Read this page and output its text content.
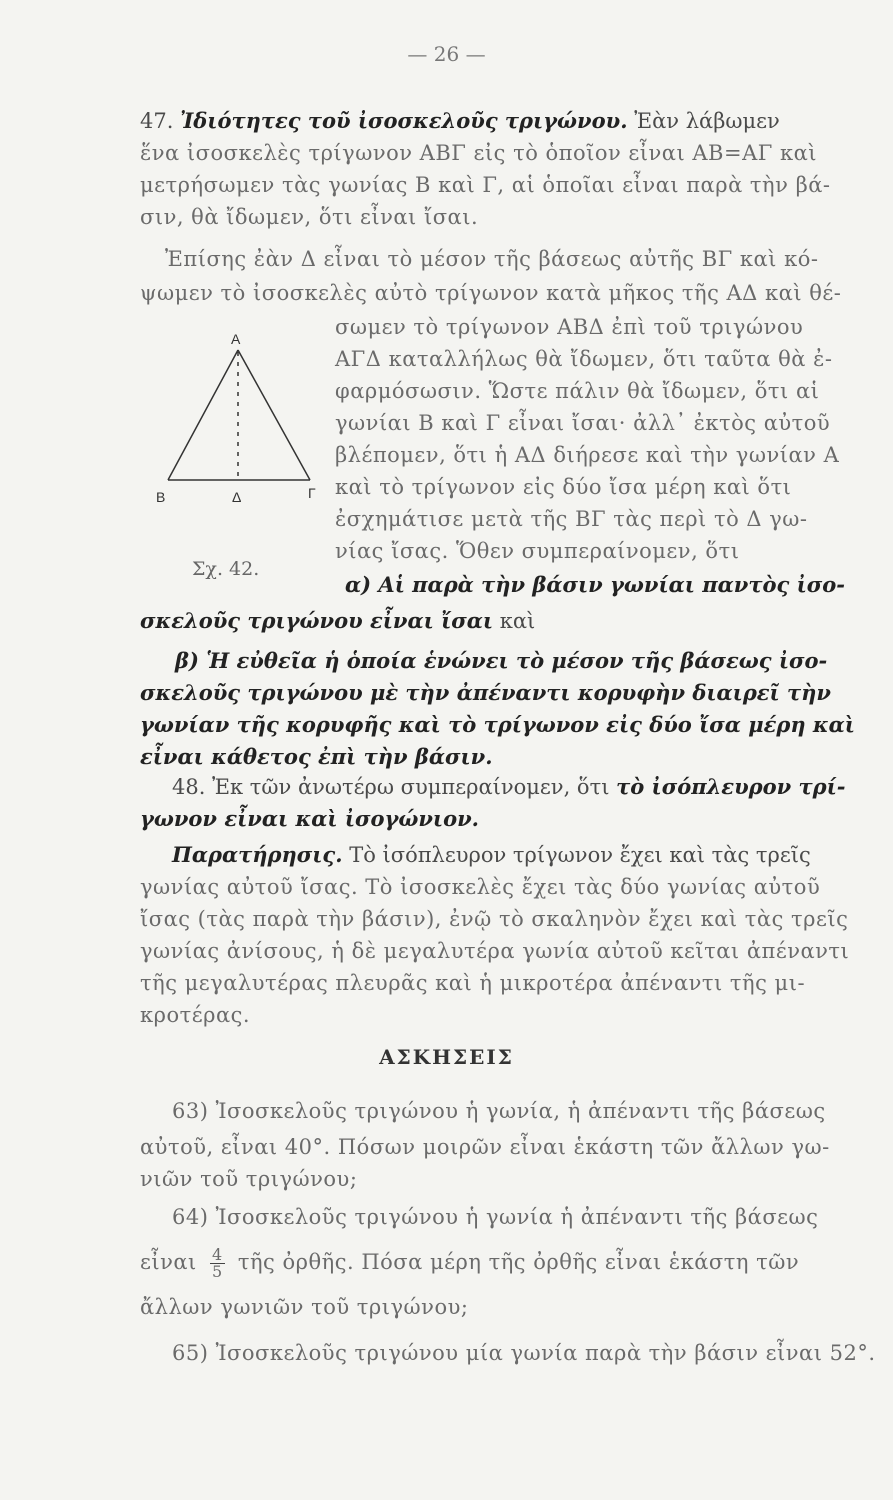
— 26 —
47. Ἰδιότητες τοῦ ἰσοσκελοῦς τριγώνου. Ἐὰν λάβωμεν
ἕνα ἰσοσκελὲς τρίγωνον ΑΒΓ εἰς τὸ ὁποῖον εἶναι ΑΒ=ΑΓ καὶ
μετρήσωμεν τὰς γωνίας Β καὶ Γ, αἱ ὁποῖαι εἶναι παρὰ τὴν βά-
σιν, θὰ ἴδωμεν, ὅτι εἶναι ἴσαι.
Ἐπίσης ἐὰν Δ εἶναι τὸ μέσον τῆς βάσεως αὐτῆς ΒΓ καὶ κό-
ψωμεν τὸ ἰσοσκελὲς αὐτὸ τρίγωνον κατὰ μῆκος τῆς ΑΔ καὶ θέ-
σωμεν τὸ τρίγωνον ΑΒΔ ἐπὶ τοῦ τριγώνου
ΑΓΔ καταλλήλως θὰ ἴδωμεν, ὅτι ταῦτα θὰ ἐ-
φαρμόσωσιν. Ὥστε πάλιν θὰ ἴδωμεν, ὅτι αἱ
γωνίαι Β καὶ Γ εἶναι ἴσαι· ἀλλ᾽ ἐκτὸς αὐτοῦ
βλέπομεν, ὅτι ἡ ΑΔ διήρεσε καὶ τὴν γωνίαν Α
καὶ τὸ τρίγωνον εἰς δύο ἴσα μέρη καὶ ὅτι
ἐσχημάτισε μετὰ τῆς ΒΓ τὰς περὶ τὸ Δ γω-
νίας ἴσας. Ὅθεν συμπεραίνομεν, ὅτι
Α
Β	Δ	Γ
Σχ. 42.
α) Αἱ παρὰ τὴν βάσιν γωνίαι παντὸς ἰσο-
σκελοῦς τριγώνου εἶναι ἴσαι καὶ
β) Ἡ εὐθεῖα ἡ ὁποία ἑνώνει τὸ μέσον τῆς βάσεως ἰσο-
σκελοῦς τριγώνου μὲ τὴν ἀπέναντι κορυφὴν διαιρεῖ τὴν
γωνίαν τῆς κορυφῆς καὶ τὸ τρίγωνον εἰς δύο ἴσα μέρη καὶ
εἶναι κάθετος ἐπὶ τὴν βάσιν.
48. Ἐκ τῶν ἀνωτέρω συμπεραίνομεν, ὅτι τὸ ἰσόπλευρον τρί-
γωνον εἶναι καὶ ἰσογώνιον.
Παρατήρησις. Τὸ ἰσόπλευρον τρίγωνον ἔχει καὶ τὰς τρεῖς
γωνίας αὐτοῦ ἴσας. Τὸ ἰσοσκελὲς ἔχει τὰς δύο γωνίας αὐτοῦ
ἴσας (τὰς παρὰ τὴν βάσιν), ἐνῷ τὸ σκαληνὸν ἔχει καὶ τὰς τρεῖς
γωνίας ἀνίσους, ἡ δὲ μεγαλυτέρα γωνία αὐτοῦ κεῖται ἀπέναντι
τῆς μεγαλυτέρας πλευρᾶς καὶ ἡ μικροτέρα ἀπέναντι τῆς μι-
κροτέρας.
ΑΣΚΗΣΕΙΣ
63) Ἰσοσκελοῦς τριγώνου ἡ γωνία, ἡ ἀπέναντι τῆς βάσεως
αὐτοῦ, εἶναι 40°. Πόσων μοιρῶν εἶναι ἑκάστη τῶν ἄλλων γω-
νιῶν τοῦ τριγώνου;
64) Ἰσοσκελοῦς τριγώνου ἡ γωνία ἡ ἀπέναντι τῆς βάσεως
εἶναι $\frac{4}{5}$ τῆς ὀρθῆς. Πόσα μέρη τῆς ὀρθῆς εἶναι ἑκάστη τῶν
ἄλλων γωνιῶν τοῦ τριγώνου;
65) Ἰσοσκελοῦς τριγώνου μία γωνία παρὰ τὴν βάσιν εἶναι 52°.
